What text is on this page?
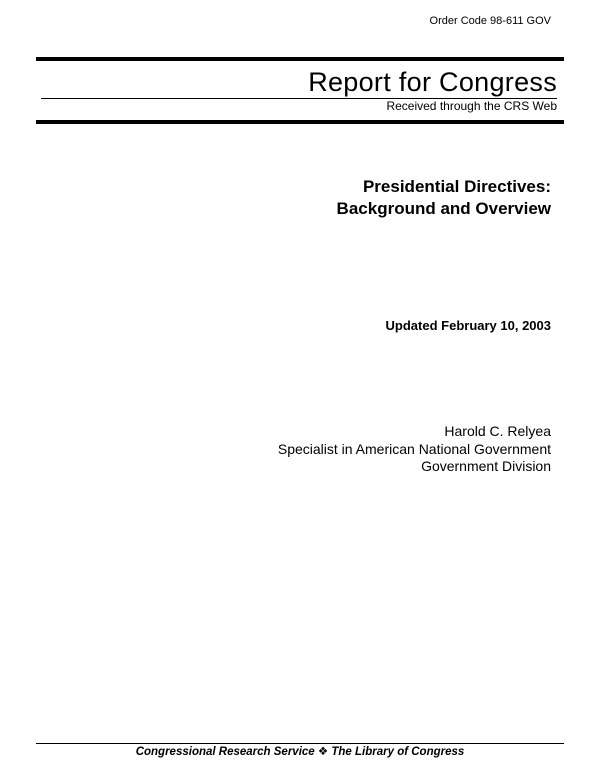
Order Code 98-611 GOV
Report for Congress
Received through the CRS Web
Presidential Directives:
Background and Overview
Updated February 10, 2003
Harold C. Relyea
Specialist in American National Government
Government Division
Congressional Research Service ❖ The Library of Congress
